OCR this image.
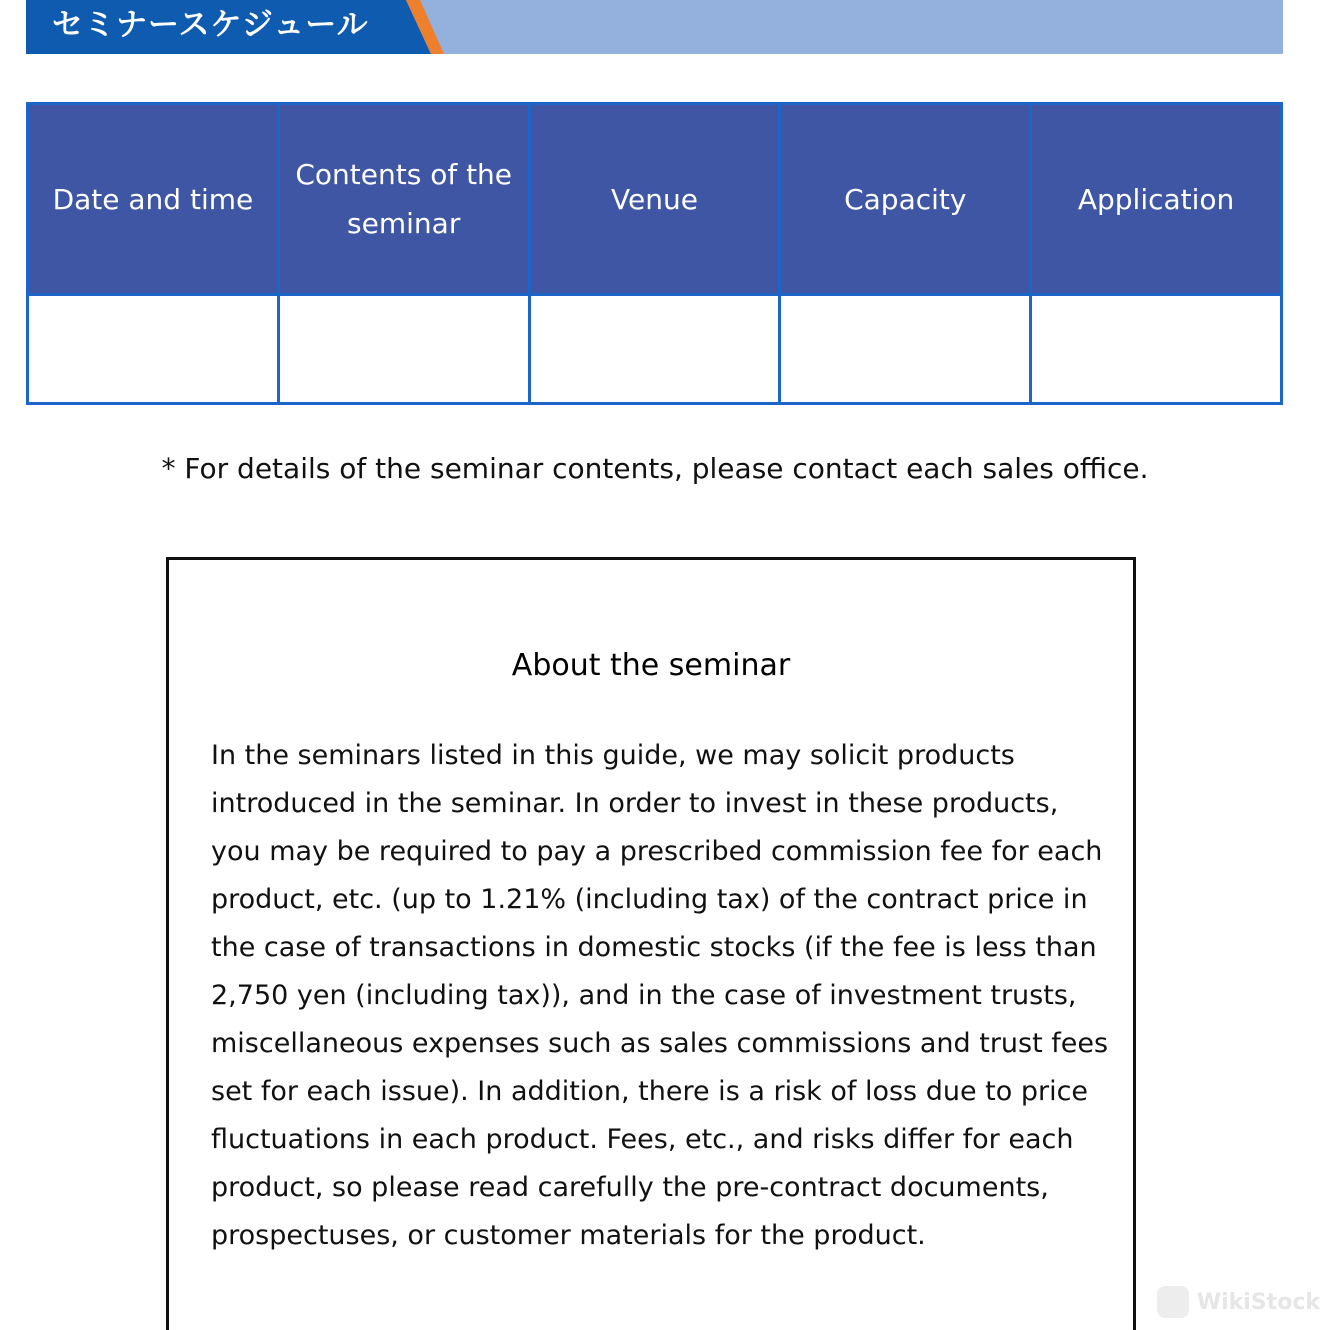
セミナースケジュール
Date and time	Contents of the seminar	Venue	Capacity	Application

* For details of the seminar contents, please contact each sales office.
About the seminar

In the seminars listed in this guide, we may solicit products introduced in the seminar. In order to invest in these products, you may be required to pay a prescribed commission fee for each product, etc. (up to 1.21% (including tax) of the contract price in the case of transactions in domestic stocks (if the fee is less than 2,750 yen (including tax)), and in the case of investment trusts, miscellaneous expenses such as sales commissions and trust fees set for each issue). In addition, there is a risk of loss due to price fluctuations in each product. Fees, etc., and risks differ for each product, so please read carefully the pre-contract documents, prospectuses, or customer materials for the product.

WikiStock
